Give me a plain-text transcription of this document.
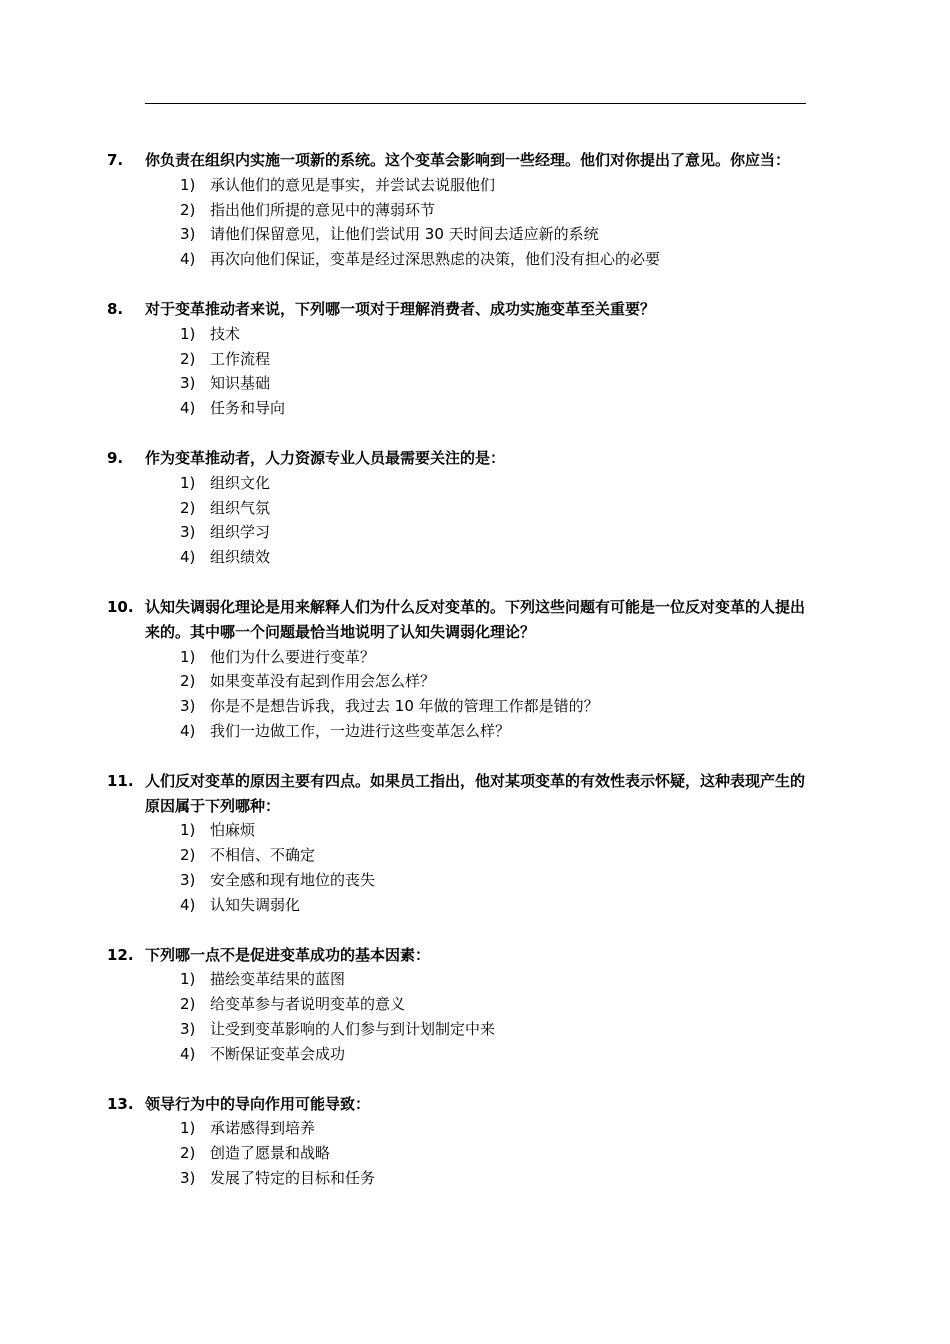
7.	你负责在组织内实施一项新的系统。这个变革会影响到一些经理。他们对你提出了意见。你应当：
1) 承认他们的意见是事实，并尝试去说服他们
2) 指出他们所提的意见中的薄弱环节
3) 请他们保留意见，让他们尝试用 30 天时间去适应新的系统
4) 再次向他们保证，变革是经过深思熟虑的决策，他们没有担心的必要
8.	对于变革推动者来说，下列哪一项对于理解消费者、成功实施变革至关重要？
1) 技术
2) 工作流程
3) 知识基础
4) 任务和导向
9.	作为变革推动者，人力资源专业人员最需要关注的是：
1) 组织文化
2) 组织气氛
3) 组织学习
4) 组织绩效
10. 认知失调弱化理论是用来解释人们为什么反对变革的。下列这些问题有可能是一位反对变革的人提出来的。其中哪一个问题最恰当地说明了认知失调弱化理论？
1) 他们为什么要进行变革？
2) 如果变革没有起到作用会怎么样？
3) 你是不是想告诉我，我过去 10 年做的管理工作都是错的？
4) 我们一边做工作，一边进行这些变革怎么样？
11. 人们反对变革的原因主要有四点。如果员工指出，他对某项变革的有效性表示怀疑，这种表现产生的原因属于下列哪种：
1) 怕麻烦
2) 不相信、不确定
3) 安全感和现有地位的丧失
4) 认知失调弱化
12. 下列哪一点不是促进变革成功的基本因素：
1) 描绘变革结果的蓝图
2) 给变革参与者说明变革的意义
3) 让受到变革影响的人们参与到计划制定中来
4) 不断保证变革会成功
13. 领导行为中的导向作用可能导致：
1) 承诺感得到培养
2) 创造了愿景和战略
3) 发展了特定的目标和任务
